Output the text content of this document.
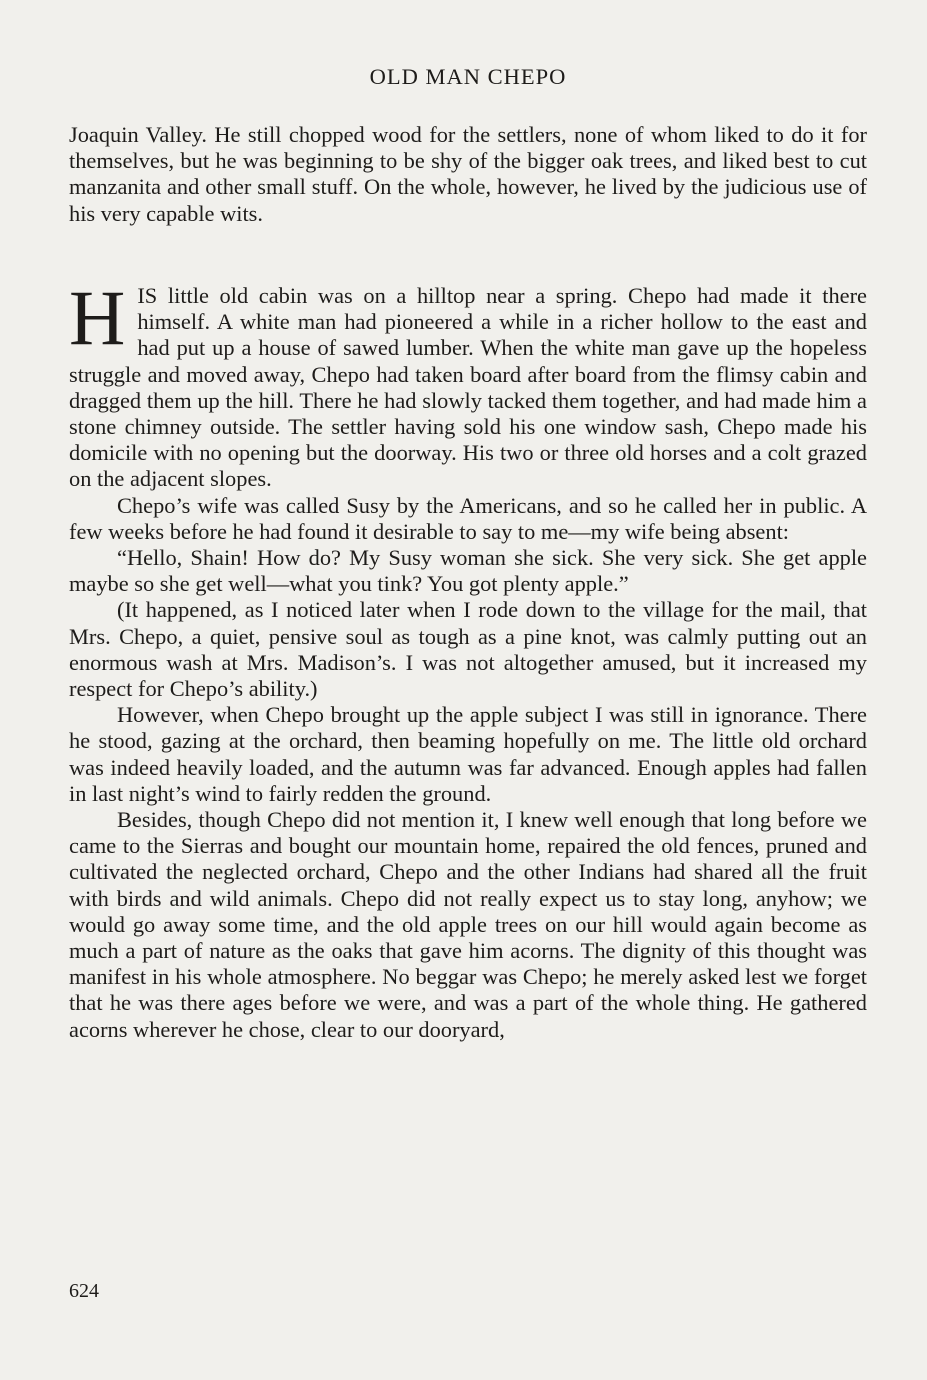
OLD MAN CHEPO

Joaquin Valley. He still chopped wood for the settlers, none of whom liked to do it for themselves, but he was beginning to be shy of the bigger oak trees, and liked best to cut manzanita and other small stuff. On the whole, however, he lived by the judicious use of his very capable wits.

HIS little old cabin was on a hilltop near a spring. Chepo had made it there himself. A white man had pioneered a while in a richer hollow to the east and had put up a house of sawed lumber. When the white man gave up the hopeless struggle and moved away, Chepo had taken board after board from the flimsy cabin and dragged them up the hill. There he had slowly tacked them together, and had made him a stone chimney outside. The settler having sold his one window sash, Chepo made his domicile with no opening but the doorway. His two or three old horses and a colt grazed on the adjacent slopes.

Chepo’s wife was called Susy by the Americans, and so he called her in public. A few weeks before he had found it desirable to say to me—my wife being absent:

“Hello, Shain! How do? My Susy woman she sick. She very sick. She get apple maybe so she get well—what you tink? You got plenty apple.”

(It happened, as I noticed later when I rode down to the village for the mail, that Mrs. Chepo, a quiet, pensive soul as tough as a pine knot, was calmly putting out an enormous wash at Mrs. Madison’s. I was not altogether amused, but it increased my respect for Chepo’s ability.)

However, when Chepo brought up the apple subject I was still in ignorance. There he stood, gazing at the orchard, then beaming hopefully on me. The little old orchard was indeed heavily loaded, and the autumn was far advanced. Enough apples had fallen in last night’s wind to fairly redden the ground.

Besides, though Chepo did not mention it, I knew well enough that long before we came to the Sierras and bought our mountain home, repaired the old fences, pruned and cultivated the neglected orchard, Chepo and the other Indians had shared all the fruit with birds and wild animals. Chepo did not really expect us to stay long, anyhow; we would go away some time, and the old apple trees on our hill would again become as much a part of nature as the oaks that gave him acorns. The dignity of this thought was manifest in his whole atmosphere. No beggar was Chepo; he merely asked lest we forget that he was there ages before we were, and was a part of the whole thing. He gathered acorns wherever he chose, clear to our dooryard,

624
